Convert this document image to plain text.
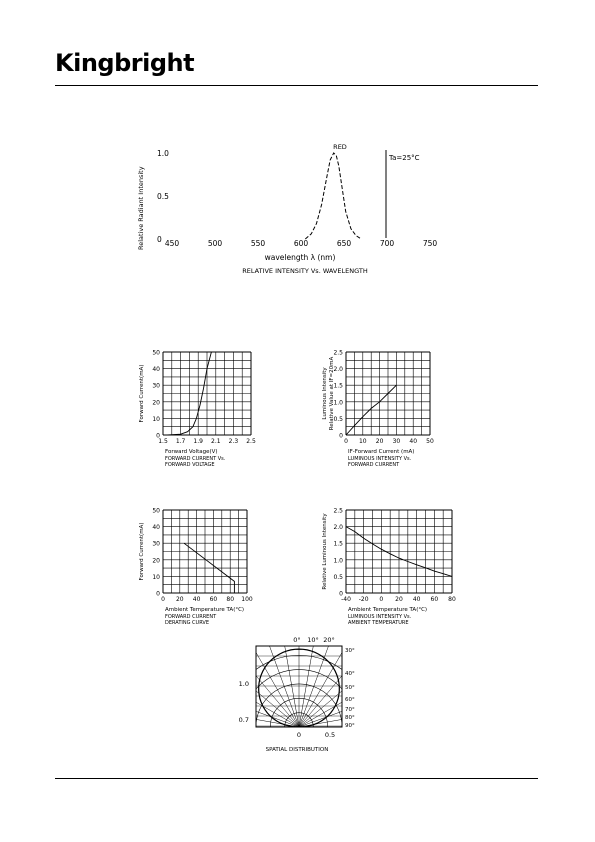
Kingbright
0
0.5
1.0
450	500	550	600	650	700	750
Relative Radiant Intensity
wavelength λ (nm)
RELATIVE INTENSITY Vs. WAVELENGTH
RED
Ta=25°C
0
10
20
30
40
50
1.5 1.7 1.9 2.1 2.3 2.5
Forward Current(mA)
Forward Voltage(V)
FORWARD CURRENT Vs.
FORWARD VOLTAGE
0
0.5
1.0
1.5
2.0
2.5
0 10 20 30 40 50
Luminous Intensity Relative Value at IF=20mA
IF-Forward Current (mA)
LUMINOUS INTENSITY Vs.
FORWARD CURRENT
0
10
20
30
40
50
0 20 40 60 80 100
Forward Current(mA)
Ambient Temperature TA(°C)
FORWARD CURRENT
DERATING CURVE
0
0.5
1.0
1.5
2.0
2.5
-40 -20 0 20 40 60 80
Relative Luminous Intensity
Ambient Temperature TA(°C)
LUMINOUS INTENSITY Vs.
AMBIENT TEMPERATURE
0° 10° 20°
30°
40°
50°
60°
70°
80°
90°
1.0
0.7
0	0.5
SPATIAL DISTRIBUTION
